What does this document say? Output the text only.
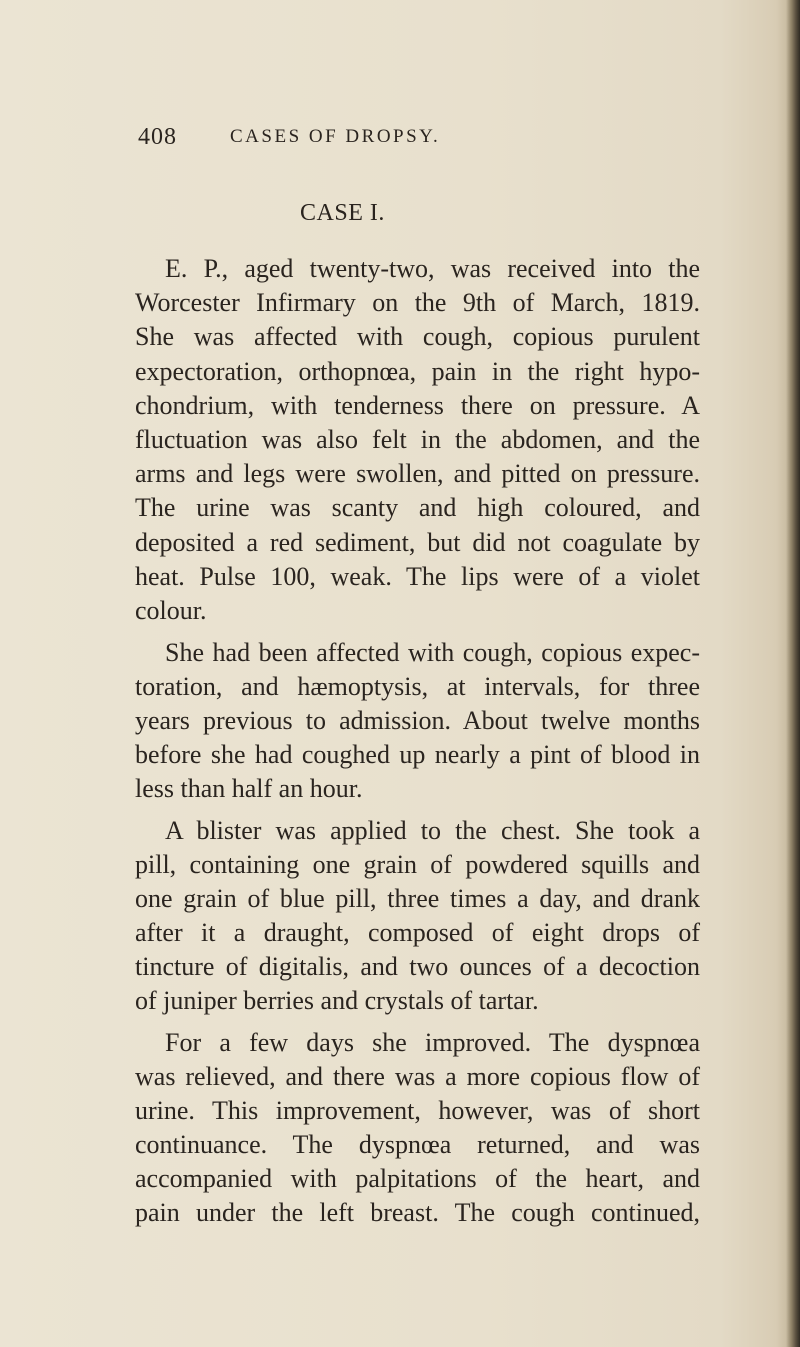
408	CASES OF DROPSY.
CASE I.
E. P., aged twenty-two, was received into the
Worcester Infirmary on the 9th of March, 1819.
She was affected with cough, copious purulent
expectoration, orthopnœa, pain in the right hypo-
chondrium, with tenderness there on pressure. A
fluctuation was also felt in the abdomen, and the
arms and legs were swollen, and pitted on pressure.
The urine was scanty and high coloured, and
deposited a red sediment, but did not coagulate by
heat. Pulse 100, weak. The lips were of a violet
colour.
She had been affected with cough, copious expec-
toration, and hæmoptysis, at intervals, for three
years previous to admission. About twelve months
before she had coughed up nearly a pint of blood in
less than half an hour.
A blister was applied to the chest. She took a
pill, containing one grain of powdered squills and
one grain of blue pill, three times a day, and drank
after it a draught, composed of eight drops of
tincture of digitalis, and two ounces of a decoction
of juniper berries and crystals of tartar.
For a few days she improved. The dyspnœa
was relieved, and there was a more copious flow of
urine. This improvement, however, was of short
continuance. The dyspnœa returned, and was
accompanied with palpitations of the heart, and
pain under the left breast. The cough continued,
